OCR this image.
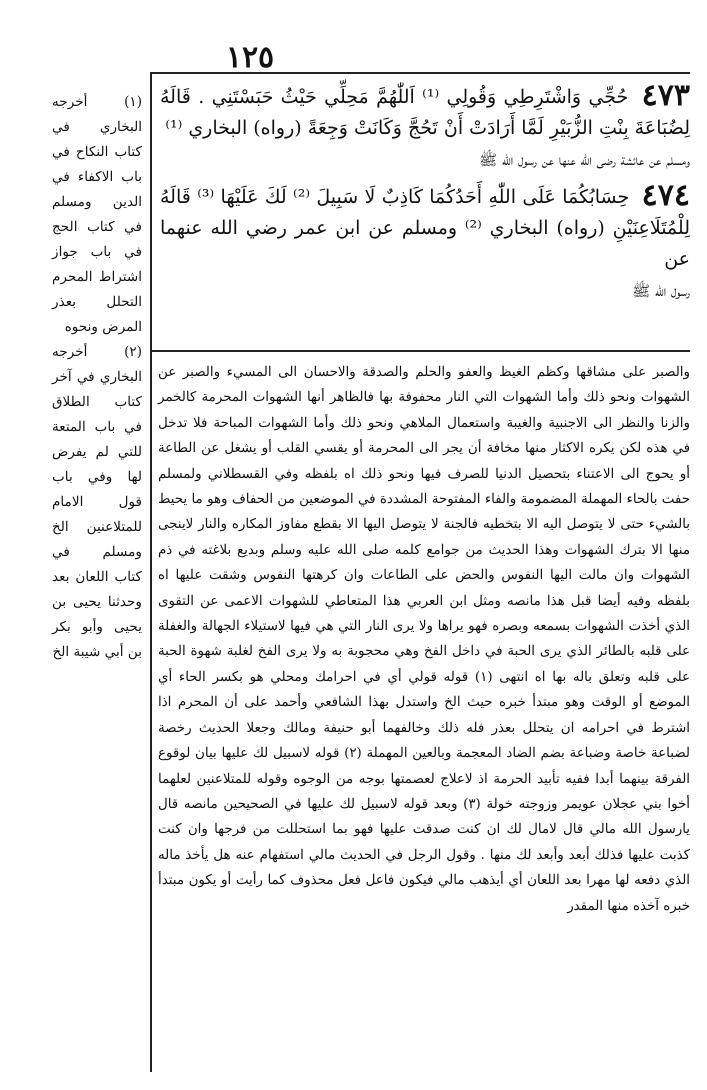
١٢٥
٤٧٣ حُجِّي وَاشْتَرِطِي وَقُولِي ⁽¹⁾ اَللّٰهُمَّ مَحِلِّي حَيْثُ حَبَسْتَنِي . قَالَهُ لِضُبَاعَةَ بِنْتِ الزُّبَيْرِ لَمَّا أَرَادَتْ أَنْ تَحُجَّ وَكَانَتْ وَجِعَةً (رواه) البخاري ⁽¹⁾
ومسلم عن عائشة رضى الله عنها عن رسول الله ﷺ
٤٧٤ حِسَابُكُمَا عَلَى اللّٰهِ أَحَدُكُمَا كَاذِبٌ لَا سَبِيلَ ⁽²⁾ لَكَ عَلَيْهَا ⁽³⁾ قَالَهُ لِلْمُتَلَاعِنَيْنِ (رواه) البخاري ⁽²⁾ ومسلم عن ابن عمر رضي الله عنهما عن
رسول الله ﷺ

والصبر على مشاقها وكظم الغيظ والعفو والحلم والصدقة والاحسان الى المسيء والصبر عن الشهوات ونحو ذلك وأما الشهوات التي النار محفوفة بها فالظاهر أنها الشهوات المحرمة كالخمر والزنا والنظر الى الاجنبية والغيبة واستعمال الملاهي ونحو ذلك وأما الشهوات المباحة فلا تدخل في هذه لكن يكره الاكثار منها مخافة أن يجر الى المحرمة أو يقسي القلب أو يشغل عن الطاعة أو يحوج الى الاعتناء بتحصيل الدنيا للصرف فيها ونحو ذلك اه بلفظه وفي القسطلاني ولمسلم حفت بالحاء المهملة المضمومة والفاء المفتوحة المشددة في الموضعين من الحفاف وهو ما يحيط بالشيء حتى لا يتوصل اليه الا بتخطيه فالجنة لا يتوصل اليها الا بقطع مفاوز المكاره والنار لاينجى منها الا بترك الشهوات وهذا الحديث من جوامع كلمه صلى الله عليه وسلم وبديع بلاغته في ذم الشهوات وان مالت اليها النفوس والحض على الطاعات وان كرهتها النفوس وشقت عليها اه بلفظه وفيه أيضا قبل هذا مانصه ومثل ابن العربي هذا المتعاطي للشهوات الاعمى عن التقوى الذي أخذت الشهوات بسمعه وبصره فهو يراها ولا يرى النار التي هي فيها لاستيلاء الجهالة والغفلة على قلبه بالطائر الذي يرى الحبة في داخل الفخ وهي محجوبة به ولا يرى الفخ لغلبة شهوة الحبة على قلبه وتعلق باله بها اه انتهى (١) قوله قولي أي في احرامك ومحلي هو بكسر الحاء أي الموضع أو الوقت وهو مبتدأ خبره حيث الخ واستدل بهذا الشافعي وأحمد على أن المحرم اذا اشترط في احرامه ان يتحلل بعذر فله ذلك وخالفهما أبو حنيفة ومالك وجعلا الحديث رخصة لضباعة خاصة وضباعة بضم الضاد المعجمة وبالعين المهملة (٢) قوله لاسبيل لك عليها بيان لوقوع الفرقة بينهما أبدا ففيه تأبيد الحرمة اذ لاعلاج لعصمتها بوجه من الوجوه وقوله للمتلاعنين لعلهما أخوا بني عجلان عويمر وزوجته خولة (٣) وبعد قوله لاسبيل لك عليها في الصحيحين مانصه قال يارسول الله مالي قال لامال لك ان كنت صدقت عليها فهو بما استحللت من فرجها وان كنت كذبت عليها فذلك أبعد وأبعد لك منها . وقول الرجل في الحديث مالي استفهام عنه هل يأخذ ماله الذي دفعه لها مهرا بعد اللعان أي أيذهب مالي فيكون فاعل فعل محذوف كما رأيت أو يكون مبتدأ خبره آخذه منها المقدر

(١) أخرجه البخاري في كتاب النكاح في باب الاكفاء في الدين ومسلم في كتاب الحج في باب جواز اشتراط المحرم التحلل بعذر المرض ونحوه

(٢) أخرجه البخاري في آخر كتاب الطلاق في باب المتعة للتي لم يفرض لها وفي باب قول الامام للمتلاعنين الخ ومسلم في كتاب اللعان بعد وحدثنا يحيى بن يحيى وأبو بكر بن أبي شيبة الخ
